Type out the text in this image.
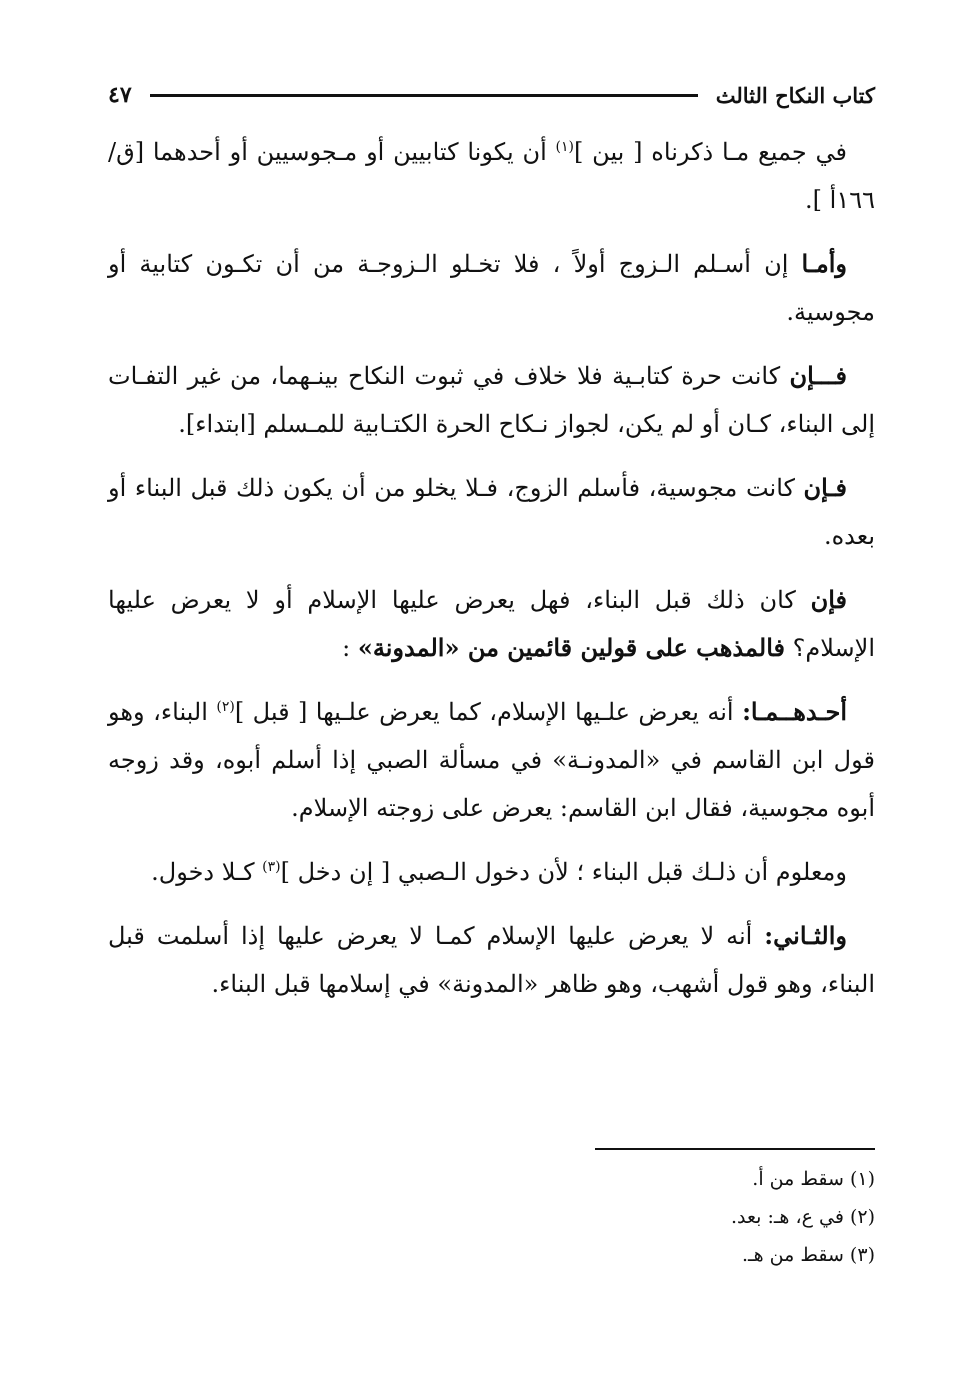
كتاب النكاح الثالث
٤٧

في جميع مـا ذكرناه [ بين ]$^{(١)}$ أن يكونا كتابيين أو مـجوسيين أو أحدهما [ق/ ١٦٦أ ].

وأمـا إن أسـلم الـزوج أولاً ، فلا تخـلو الـزوجـة من أن تكـون كتابية أو مجوسية.

فـــإن كانت حرة كتابـية فلا خلاف في ثبوت النكاح بينـهما، من غير التفـات إلى البناء، كـان أو لم يكن، لجواز نـكاح الحرة الكتـابية للمـسلم [ابتداء].

فـإن كانت مجوسية، فأسلم الزوج، فـلا يخلو من أن يكون ذلك قبل البناء أو بعده.

فإن كان ذلك قبل البناء، فهل يعرض عليها الإسلام أو لا يعرض عليها الإسلام؟ فالمذهب على قولين قائمين من «المدونة» :

أحـدهــمـا: أنه يعرض علـيها الإسلام، كما يعرض علـيها [ قبل ]$^{(٢)}$ البناء، وهو قول ابن القاسم في «المدونـة» في مسألة الصبي إذا أسلم أبوه، وقد زوجه أبوه مجوسية، فقال ابن القاسم: يعرض على زوجته الإسلام.

ومعلوم أن ذلـك قبل البناء ؛ لأن دخول الـصبي [ إن دخل ]$^{(٣)}$ كـلا دخول.

والثـاني: أنه لا يعرض عليها الإسلام كمـا لا يعرض عليها إذا أسلمت قبل البناء، وهو قول أشهب، وهو ظاهر «المدونة» في إسلامها قبل البناء.

(١) سقط من أ.

(٢) في ع، هـ: بعد.

(٣) سقط من هـ.
